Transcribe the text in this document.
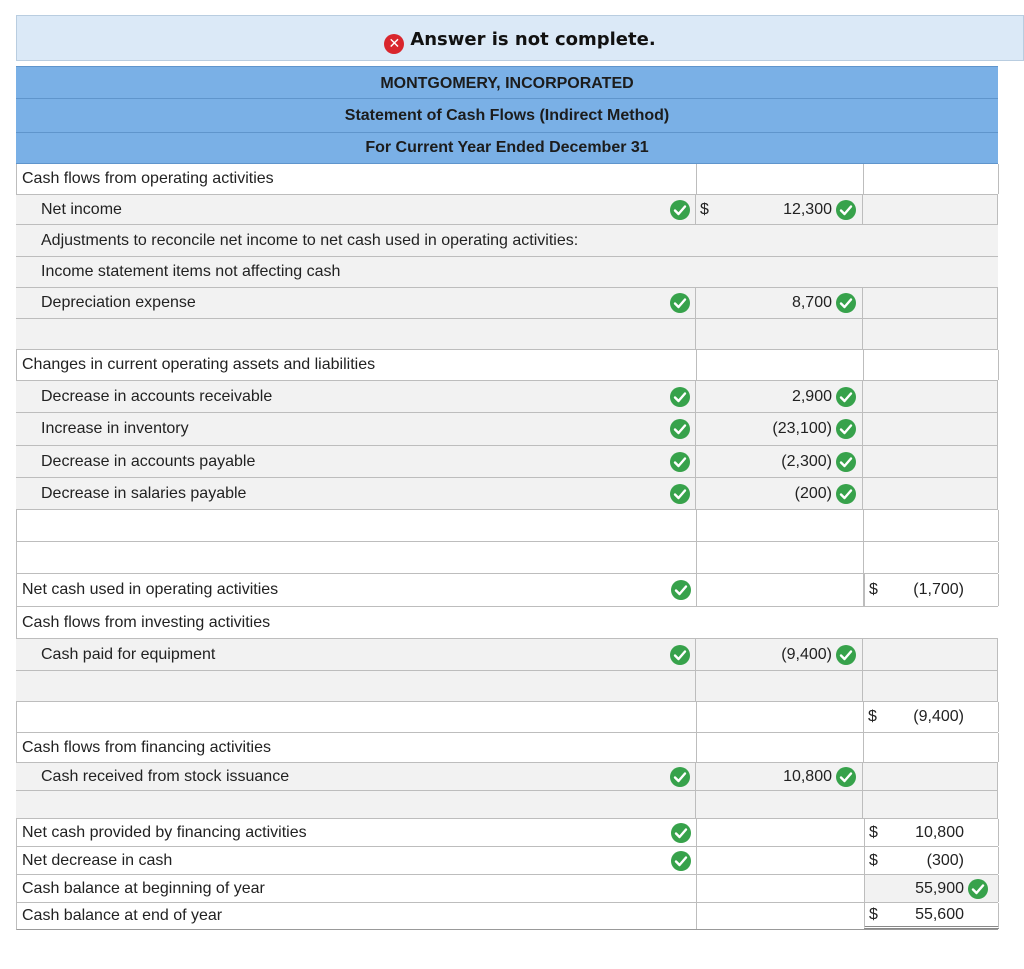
✕ Answer is not complete.
MONTGOMERY, INCORPORATED
Statement of Cash Flows (Indirect Method)
For Current Year Ended December 31
Cash flows from operating activities
Net income	$	12,300
Adjustments to reconcile net income to net cash used in operating activities:
Income statement items not affecting cash
Depreciation expense	8,700
Changes in current operating assets and liabilities
Decrease in accounts receivable	2,900
Increase in inventory	(23,100)
Decrease in accounts payable	(2,300)
Decrease in salaries payable	(200)
Net cash used in operating activities	$ (1,700)
Cash flows from investing activities
Cash paid for equipment	(9,400)
$ (9,400)
Cash flows from financing activities
Cash received from stock issuance	10,800
Net cash provided by financing activities	$ 10,800
Net decrease in cash	$	(300)
Cash balance at beginning of year	55,900
Cash balance at end of year	$ 55,600
